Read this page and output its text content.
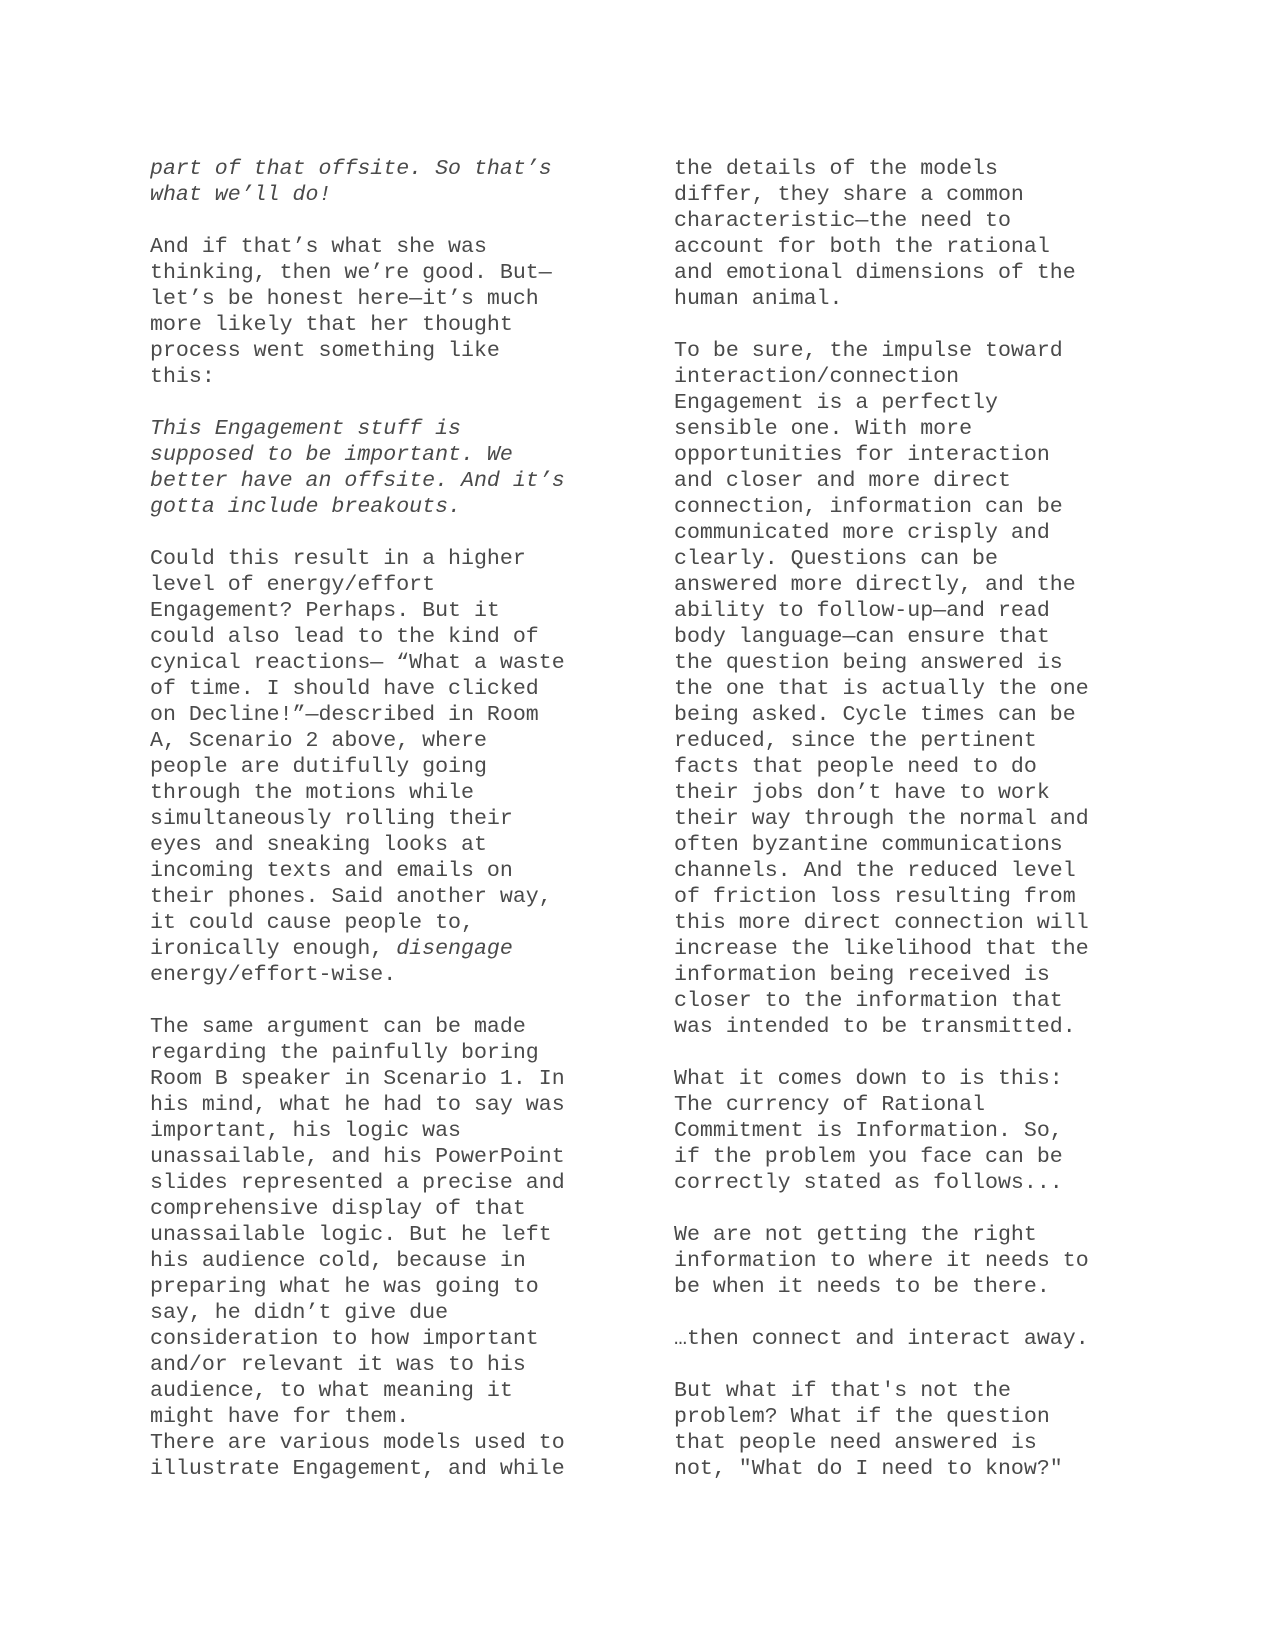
part of that offsite. So that’s
what we’ll do!
And if that’s what she was
thinking, then we’re good. But—
let’s be honest here—it’s much
more likely that her thought
process went something like
this:
This Engagement stuff is
supposed to be important. We
better have an offsite. And it’s
gotta include breakouts.
Could this result in a higher
level of energy/effort
Engagement? Perhaps. But it
could also lead to the kind of
cynical reactions— “What a waste
of time. I should have clicked
on Decline!”—described in Room
A, Scenario 2 above, where
people are dutifully going
through the motions while
simultaneously rolling their
eyes and sneaking looks at
incoming texts and emails on
their phones. Said another way,
it could cause people to,
ironically enough, disengage
energy/effort-wise.
The same argument can be made
regarding the painfully boring
Room B speaker in Scenario 1. In
his mind, what he had to say was
important, his logic was
unassailable, and his PowerPoint
slides represented a precise and
comprehensive display of that
unassailable logic. But he left
his audience cold, because in
preparing what he was going to
say, he didn’t give due
consideration to how important
and/or relevant it was to his
audience, to what meaning it
might have for them.
There are various models used to
illustrate Engagement, and while
the details of the models
differ, they share a common
characteristic—the need to
account for both the rational
and emotional dimensions of the
human animal.
To be sure, the impulse toward
interaction/connection
Engagement is a perfectly
sensible one. With more
opportunities for interaction
and closer and more direct
connection, information can be
communicated more crisply and
clearly. Questions can be
answered more directly, and the
ability to follow-up—and read
body language—can ensure that
the question being answered is
the one that is actually the one
being asked. Cycle times can be
reduced, since the pertinent
facts that people need to do
their jobs don’t have to work
their way through the normal and
often byzantine communications
channels. And the reduced level
of friction loss resulting from
this more direct connection will
increase the likelihood that the
information being received is
closer to the information that
was intended to be transmitted.
What it comes down to is this:
The currency of Rational
Commitment is Information. So,
if the problem you face can be
correctly stated as follows...
We are not getting the right
information to where it needs to
be when it needs to be there.
…then connect and interact away.
But what if that's not the
problem? What if the question
that people need answered is
not, "What do I need to know?"
